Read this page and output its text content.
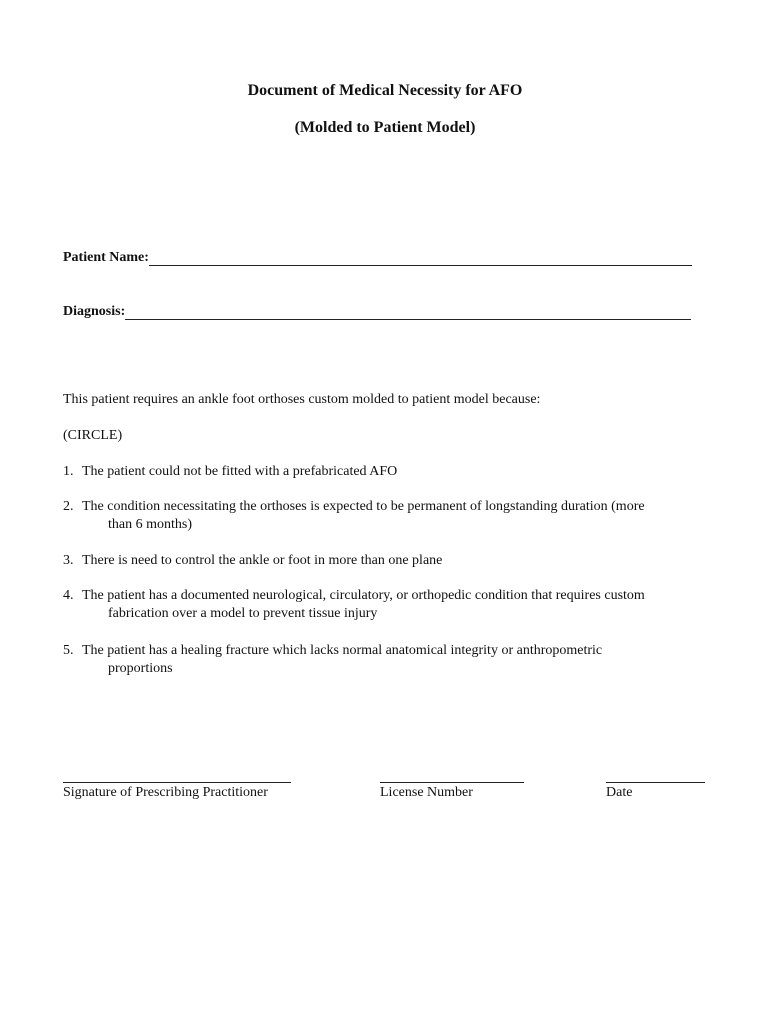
Document of Medical Necessity for AFO
(Molded to Patient Model)
Patient Name:
Diagnosis:
This patient requires an ankle foot orthoses custom molded to patient model because:
(CIRCLE)
1. The patient could not be fitted with a prefabricated AFO
2. The condition necessitating the orthoses is expected to be permanent of longstanding duration (more
than 6 months)
3. There is need to control the ankle or foot in more than one plane
4. The patient has a documented neurological, circulatory, or orthopedic condition that requires custom
fabrication over a model to prevent tissue injury
5. The patient has a healing fracture which lacks normal anatomical integrity or anthropometric
proportions
Signature of Prescribing Practitioner	License Number	Date
